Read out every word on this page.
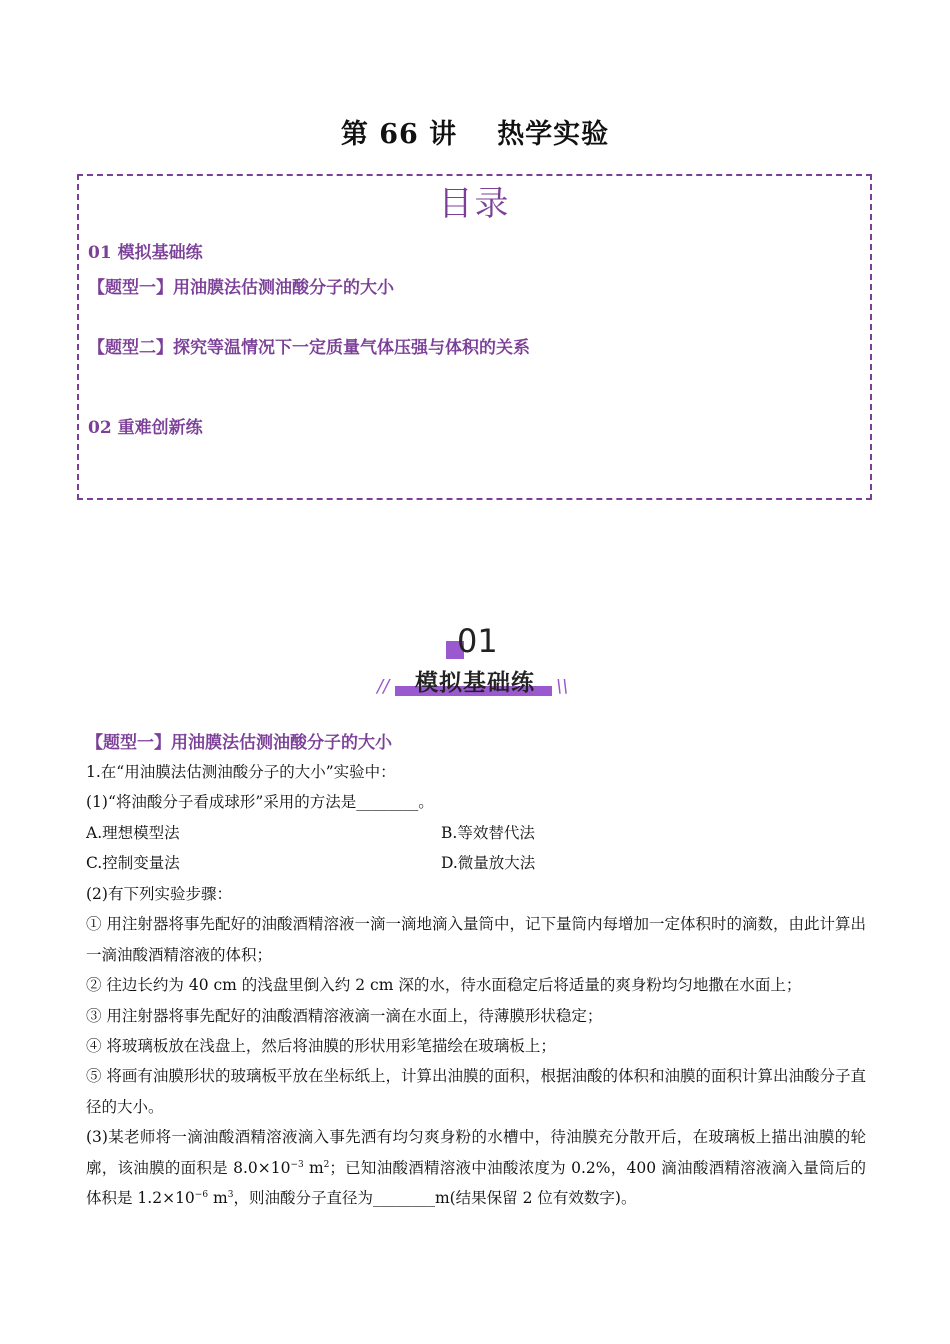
第 66 讲 热学实验
目录
01 模拟基础练
【题型一】用油膜法估测油酸分子的大小
【题型二】探究等温情况下一定质量气体压强与体积的关系
02 重难创新练
01
模拟基础练
//	\\
【题型一】用油膜法估测油酸分子的大小
1.在“用油膜法估测油酸分子的大小”实验中：
(1)“将油酸分子看成球形”采用的方法是________。
A.理想模型法	B.等效替代法
C.控制变量法	D.微量放大法
(2)有下列实验步骤：
① 用注射器将事先配好的油酸酒精溶液一滴一滴地滴入量筒中，记下量筒内每增加一定体积时的滴数，由此计算出一滴油酸酒精溶液的体积；
② 往边长约为 40 cm 的浅盘里倒入约 2 cm 深的水，待水面稳定后将适量的爽身粉均匀地撒在水面上；
③ 用注射器将事先配好的油酸酒精溶液滴一滴在水面上，待薄膜形状稳定；
④ 将玻璃板放在浅盘上，然后将油膜的形状用彩笔描绘在玻璃板上；
⑤ 将画有油膜形状的玻璃板平放在坐标纸上，计算出油膜的面积，根据油酸的体积和油膜的面积计算出油酸分子直径的大小。
(3)某老师将一滴油酸酒精溶液滴入事先洒有均匀爽身粉的水槽中，待油膜充分散开后，在玻璃板上描出油膜的轮廓，该油膜的面积是 $8.0\times 10^{-3}$ $m^2$；已知油酸酒精溶液中油酸浓度为 0.2%，400 滴油酸酒精溶液滴入量筒后的体积是 $1.2\times 10^{-6}$ $m^3$，则油酸分子直径为________m(结果保留 2 位有效数字)。
